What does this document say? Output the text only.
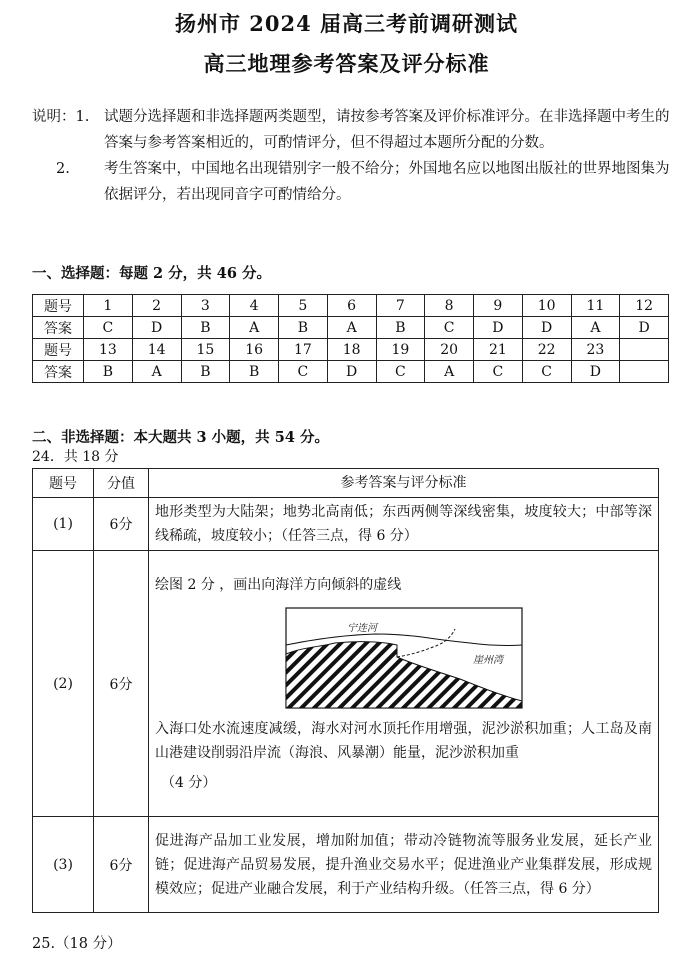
扬州市 2024 届高三考前调研测试
高三地理参考答案及评分标准
说明：1.	试题分选择题和非选择题两类题型，请按参考答案及评价标准评分。在非选择题中考生的答案与参考答案相近的，可酌情评分，但不得超过本题所分配的分数。
2.	考生答案中，中国地名出现错别字一般不给分；外国地名应以地图出版社的世界地图集为依据评分，若出现同音字可酌情给分。
一、选择题：每题 2 分，共 46 分。
题号	1	2	3	4	5	6	7	8	9	10	11	12
答案	C	D	B	A	B	A	B	C	D	D	A	D
题号	13	14	15	16	17	18	19	20	21	22	23	
答案	B	A	B	B	C	D	C	A	C	C	D	
二、非选择题：本大题共 3 小题，共 54 分。
24．共 18 分
题号	分值	参考答案与评分标准
(1)	6分	地形类型为大陆架；地势北高南低；东西两侧等深线密集，坡度较大；中部等深线稀疏，坡度较小；（任答三点，得 6 分）
(2)	6分	绘图 2 分 ，画出向海洋方向倾斜的虚线
宁连河
崖州湾
入海口处水流速度减缓，海水对河水顶托作用增强，泥沙淤积加重；人工岛及南山港建设削弱沿岸流（海浪、风暴潮）能量，泥沙淤积加重
（4 分）

(3)	6分	促进海产品加工业发展，增加附加值；带动冷链物流等服务业发展，延长产业链；促进海产品贸易发展，提升渔业交易水平；促进渔业产业集群发展，形成规模效应；促进产业融合发展，利于产业结构升级。（任答三点，得 6 分）
25.（18 分）
